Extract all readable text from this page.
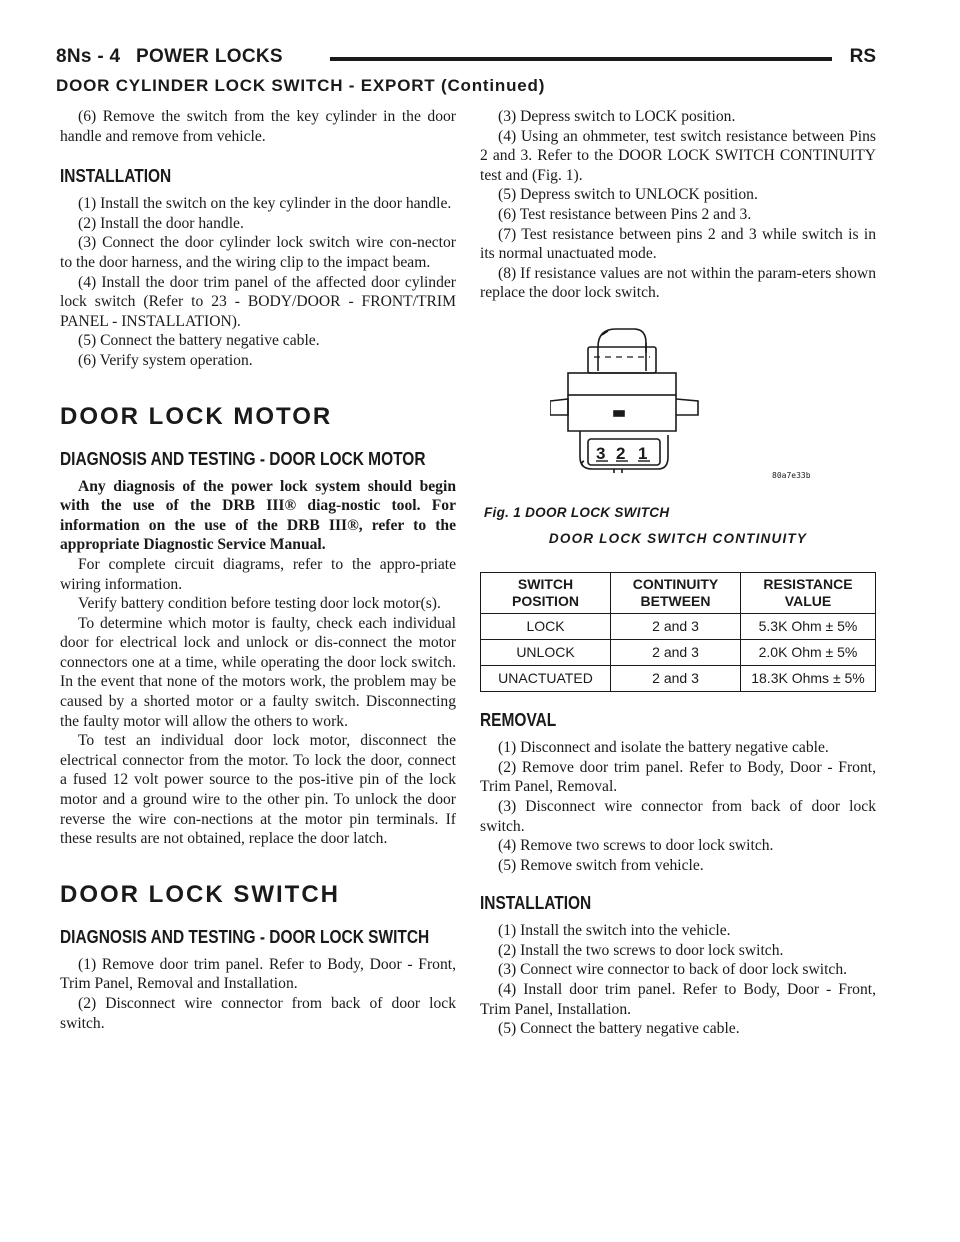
8Ns - 4 POWER LOCKS	RS
DOOR CYLINDER LOCK SWITCH - EXPORT (Continued)

(6) Remove the switch from the key cylinder in the door handle and remove from vehicle.

INSTALLATION

(1) Install the switch on the key cylinder in the door handle.

(2) Install the door handle.

(3) Connect the door cylinder lock switch wire con-nector to the door harness, and the wiring clip to the impact beam.

(4) Install the door trim panel of the affected door cylinder lock switch (Refer to 23 - BODY/DOOR - FRONT/TRIM PANEL - INSTALLATION).

(5) Connect the battery negative cable.

(6) Verify system operation.

DOOR LOCK MOTOR
DIAGNOSIS AND TESTING - DOOR LOCK MOTOR

Any diagnosis of the power lock system should begin with the use of the DRB III® diag-nostic tool. For information on the use of the DRB III®, refer to the appropriate Diagnostic Service Manual.

For complete circuit diagrams, refer to the appro-priate wiring information.

Verify battery condition before testing door lock motor(s).

To determine which motor is faulty, check each individual door for electrical lock and unlock or dis-connect the motor connectors one at a time, while operating the door lock switch. In the event that none of the motors work, the problem may be caused by a shorted motor or a faulty switch. Disconnecting the faulty motor will allow the others to work.

To test an individual door lock motor, disconnect the electrical connector from the motor. To lock the door, connect a fused 12 volt power source to the pos-itive pin of the lock motor and a ground wire to the other pin. To unlock the door reverse the wire con-nections at the motor pin terminals. If these results are not obtained, replace the door latch.

DOOR LOCK SWITCH
DIAGNOSIS AND TESTING - DOOR LOCK SWITCH

(1) Remove door trim panel. Refer to Body, Door - Front, Trim Panel, Removal and Installation.

(2) Disconnect wire connector from back of door lock switch.

(3) Depress switch to LOCK position.

(4) Using an ohmmeter, test switch resistance between Pins 2 and 3. Refer to the DOOR LOCK SWITCH CONTINUITY test and (Fig. 1).

(5) Depress switch to UNLOCK position.

(6) Test resistance between Pins 2 and 3.

(7) Test resistance between pins 2 and 3 while switch is in its normal unactuated mode.

(8) If resistance values are not within the param-eters shown replace the door lock switch.

3 2 1
80a7e33b
Fig. 1 DOOR LOCK SWITCH
DOOR LOCK SWITCH CONTINUITY
SWITCH POSITION	CONTINUITY BETWEEN	RESISTANCE VALUE
LOCK	2 and 3	5.3K Ohm ± 5%
UNLOCK	2 and 3	2.0K Ohm ± 5%
UNACTUATED	2 and 3	18.3K Ohms ± 5%
REMOVAL

(1) Disconnect and isolate the battery negative cable.

(2) Remove door trim panel. Refer to Body, Door - Front, Trim Panel, Removal.

(3) Disconnect wire connector from back of door lock switch.

(4) Remove two screws to door lock switch.

(5) Remove switch from vehicle.

INSTALLATION

(1) Install the switch into the vehicle.

(2) Install the two screws to door lock switch.

(3) Connect wire connector to back of door lock switch.

(4) Install door trim panel. Refer to Body, Door - Front, Trim Panel, Installation.

(5) Connect the battery negative cable.
